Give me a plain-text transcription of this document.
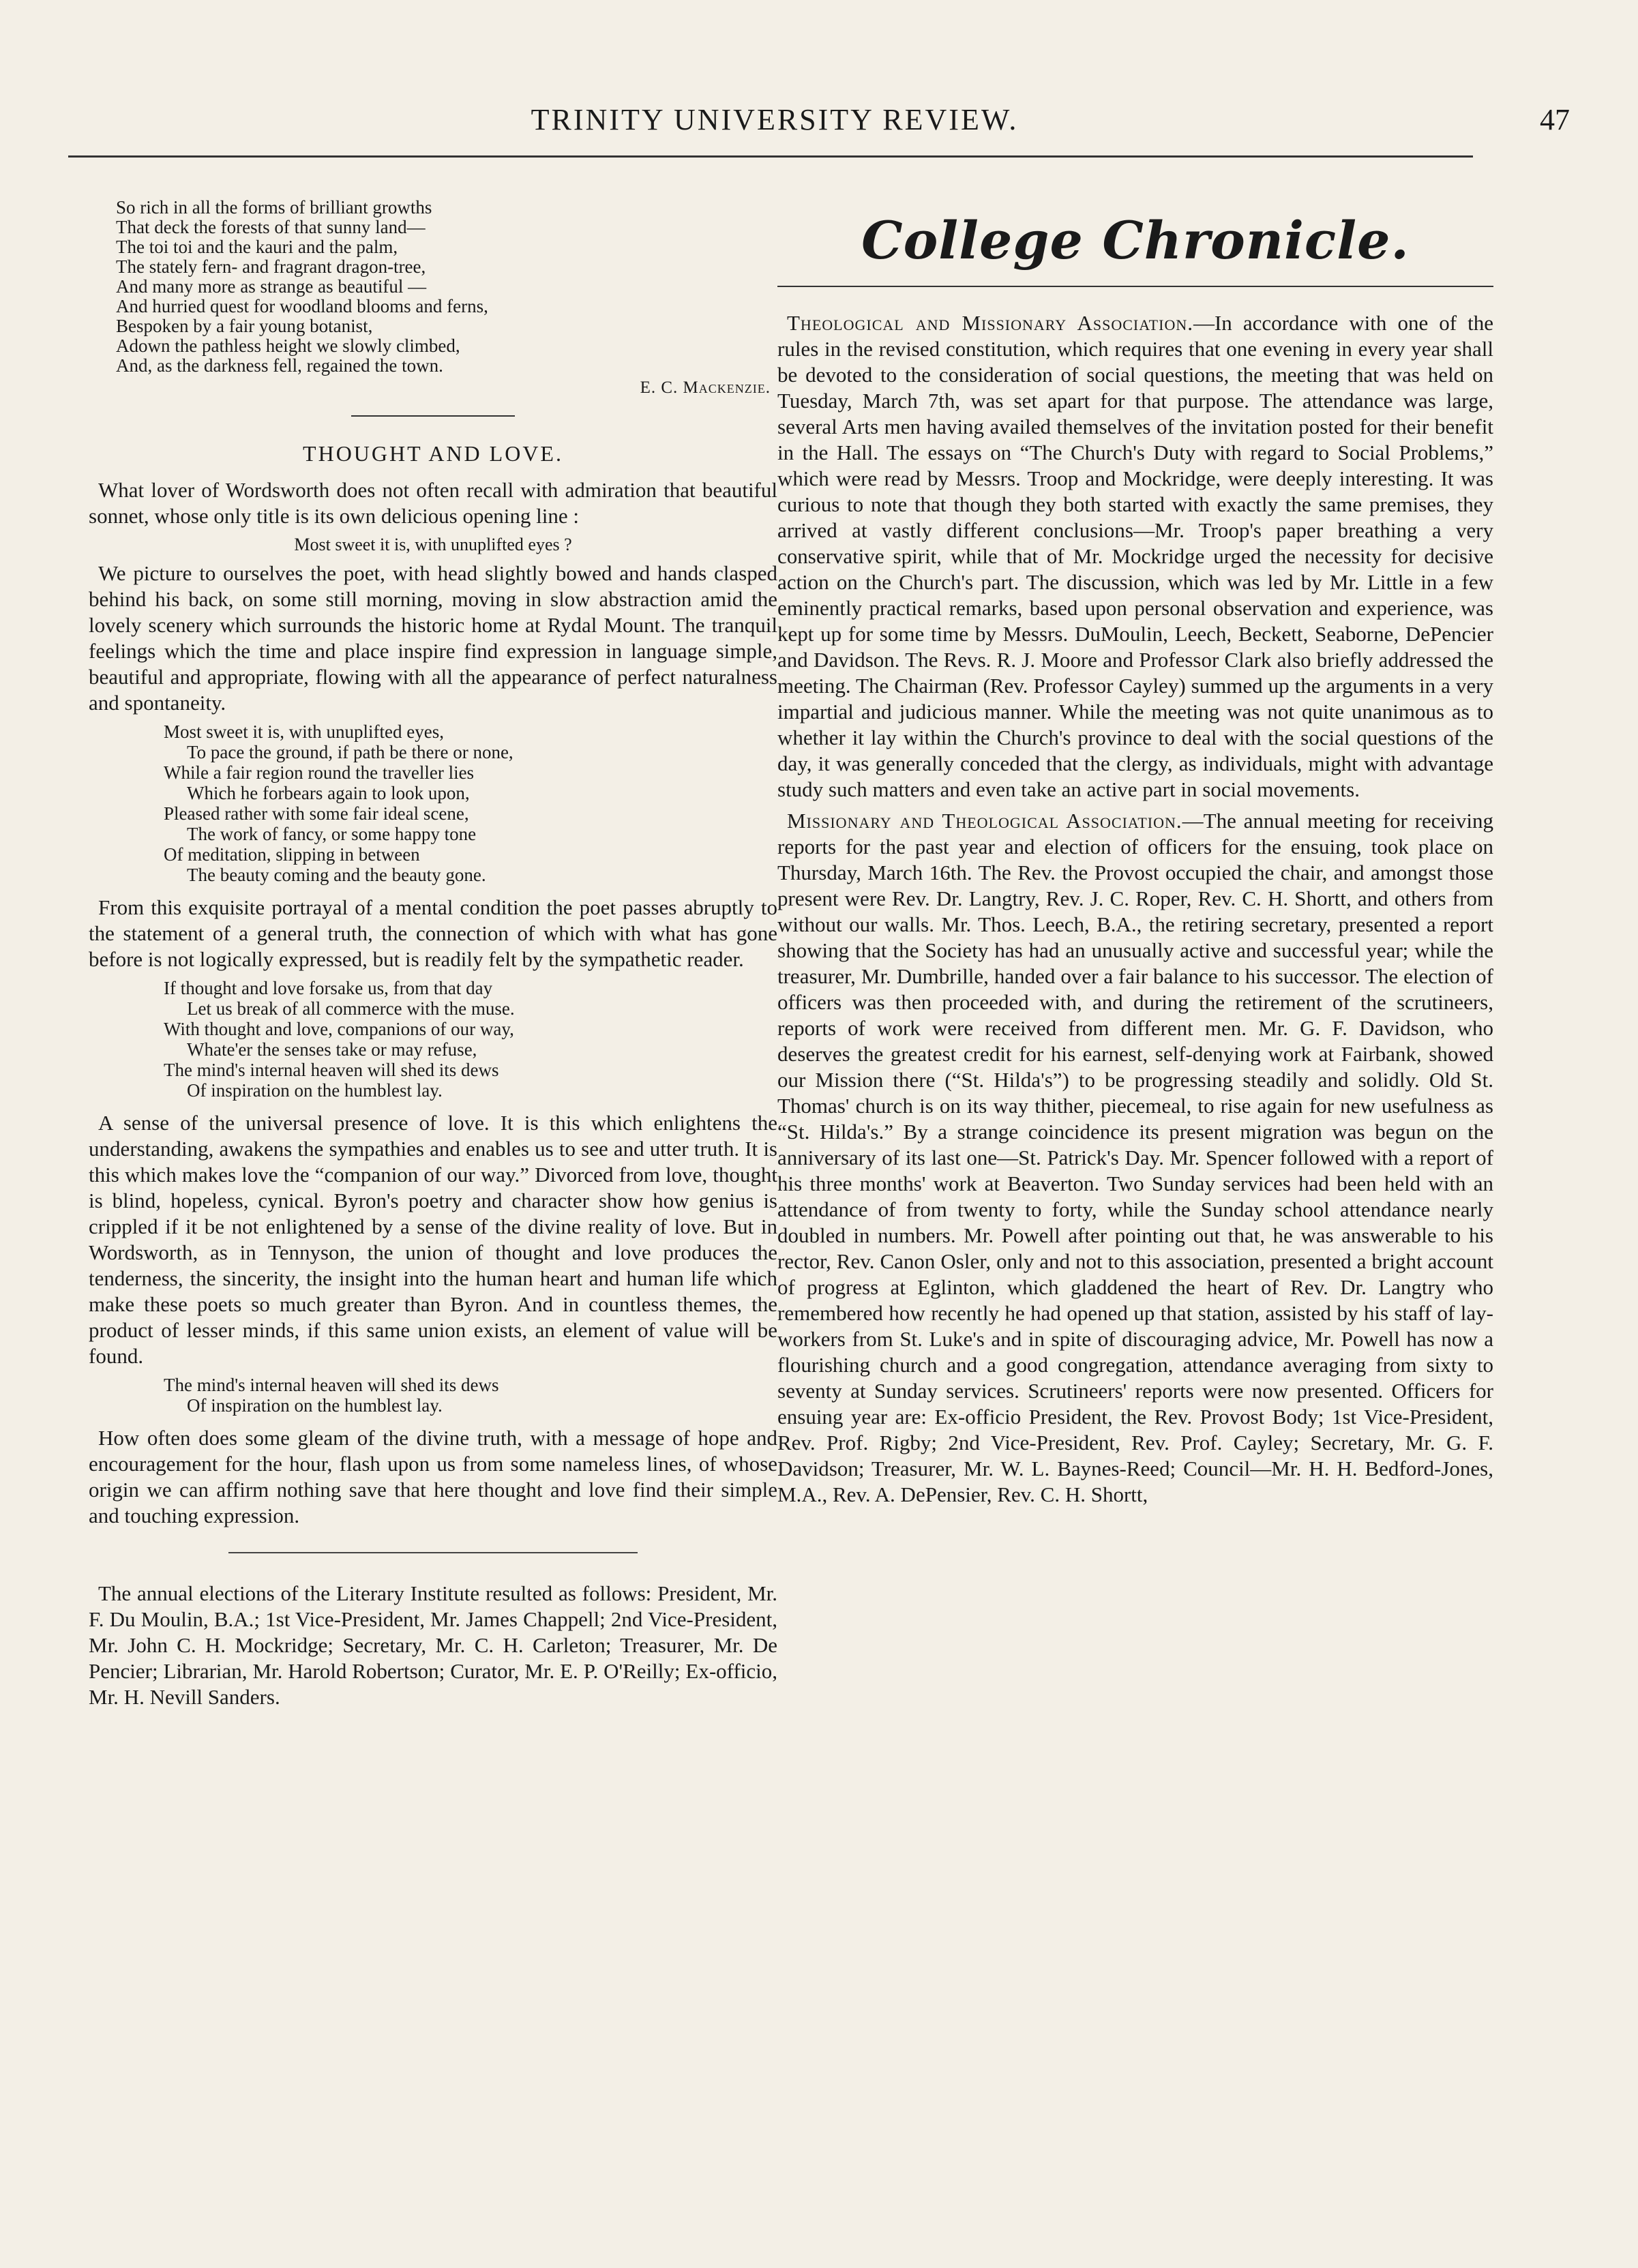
TRINITY UNIVERSITY REVIEW.	47
So rich in all the forms of brilliant growths
That deck the forests of that sunny land—
The toi toi and the kauri and the palm,
The stately fern- and fragrant dragon-tree,
And many more as strange as beautiful —
And hurried quest for woodland blooms and ferns,
Bespoken by a fair young botanist,
Adown the pathless height we slowly climbed,
And, as the darkness fell, regained the town.
E. C. Mackenzie.
THOUGHT AND LOVE.

What lover of Wordsworth does not often recall with admiration that beautiful sonnet, whose only title is its own delicious opening line :

Most sweet it is, with unuplifted eyes ?

We picture to ourselves the poet, with head slightly bowed and hands clasped behind his back, on some still morning, moving in slow abstraction amid the lovely scenery which surrounds the historic home at Rydal Mount. The tranquil feelings which the time and place inspire find expression in language simple, beautiful and appropriate, flowing with all the appearance of perfect naturalness and spontaneity.

Most sweet it is, with unuplifted eyes,
To pace the ground, if path be there or none,
While a fair region round the traveller lies
Which he forbears again to look upon,
Pleased rather with some fair ideal scene,
The work of fancy, or some happy tone
Of meditation, slipping in between
The beauty coming and the beauty gone.

From this exquisite portrayal of a mental condition the poet passes abruptly to the statement of a general truth, the connection of which with what has gone before is not logically expressed, but is readily felt by the sympathetic reader.

If thought and love forsake us, from that day
Let us break of all commerce with the muse.
With thought and love, companions of our way,
Whate'er the senses take or may refuse,
The mind's internal heaven will shed its dews
Of inspiration on the humblest lay.

A sense of the universal presence of love. It is this which enlightens the understanding, awakens the sympathies and enables us to see and utter truth. It is this which makes love the “companion of our way.” Divorced from love, thought is blind, hopeless, cynical. Byron's poetry and character show how genius is crippled if it be not enlightened by a sense of the divine reality of love. But in Wordsworth, as in Tennyson, the union of thought and love produces the tenderness, the sincerity, the insight into the human heart and human life which make these poets so much greater than Byron. And in countless themes, the product of lesser minds, if this same union exists, an element of value will be found.

The mind's internal heaven will shed its dews
Of inspiration on the humblest lay.

How often does some gleam of the divine truth, with a message of hope and encouragement for the hour, flash upon us from some nameless lines, of whose origin we can affirm nothing save that here thought and love find their simple and touching expression.

The annual elections of the Literary Institute resulted as follows: President, Mr. F. Du Moulin, B.A.; 1st Vice-President, Mr. James Chappell; 2nd Vice-President, Mr. John C. H. Mockridge; Secretary, Mr. C. H. Carleton; Treasurer, Mr. De Pencier; Librarian, Mr. Harold Robertson; Curator, Mr. E. P. O'Reilly; Ex-officio, Mr. H. Nevill Sanders.

College Chronicle.

Theological and Missionary Association.—In accordance with one of the rules in the revised constitution, which requires that one evening in every year shall be devoted to the consideration of social questions, the meeting that was held on Tuesday, March 7th, was set apart for that purpose. The attendance was large, several Arts men having availed themselves of the invitation posted for their benefit in the Hall. The essays on “The Church's Duty with regard to Social Problems,” which were read by Messrs. Troop and Mockridge, were deeply interesting. It was curious to note that though they both started with exactly the same premises, they arrived at vastly different conclusions—Mr. Troop's paper breathing a very conservative spirit, while that of Mr. Mockridge urged the necessity for decisive action on the Church's part. The discussion, which was led by Mr. Little in a few eminently practical remarks, based upon personal observation and experience, was kept up for some time by Messrs. DuMoulin, Leech, Beckett, Seaborne, DePencier and Davidson. The Revs. R. J. Moore and Professor Clark also briefly addressed the meeting. The Chairman (Rev. Professor Cayley) summed up the arguments in a very impartial and judicious manner. While the meeting was not quite unanimous as to whether it lay within the Church's province to deal with the social questions of the day, it was generally conceded that the clergy, as individuals, might with advantage study such matters and even take an active part in social movements.

Missionary and Theological Association.—The annual meeting for receiving reports for the past year and election of officers for the ensuing, took place on Thursday, March 16th. The Rev. the Provost occupied the chair, and amongst those present were Rev. Dr. Langtry, Rev. J. C. Roper, Rev. C. H. Shortt, and others from without our walls. Mr. Thos. Leech, B.A., the retiring secretary, presented a report showing that the Society has had an unusually active and successful year; while the treasurer, Mr. Dumbrille, handed over a fair balance to his successor. The election of officers was then proceeded with, and during the retirement of the scrutineers, reports of work were received from different men. Mr. G. F. Davidson, who deserves the greatest credit for his earnest, self-denying work at Fairbank, showed our Mission there (“St. Hilda's”) to be progressing steadily and solidly. Old St. Thomas' church is on its way thither, piecemeal, to rise again for new usefulness as “St. Hilda's.” By a strange coincidence its present migration was begun on the anniversary of its last one—St. Patrick's Day. Mr. Spencer followed with a report of his three months' work at Beaverton. Two Sunday services had been held with an attendance of from twenty to forty, while the Sunday school attendance nearly doubled in numbers. Mr. Powell after pointing out that, he was answerable to his rector, Rev. Canon Osler, only and not to this association, presented a bright account of progress at Eglinton, which gladdened the heart of Rev. Dr. Langtry who remembered how recently he had opened up that station, assisted by his staff of lay-workers from St. Luke's and in spite of discouraging advice, Mr. Powell has now a flourishing church and a good congregation, attendance averaging from sixty to seventy at Sunday services. Scrutineers' reports were now presented. Officers for ensuing year are: Ex-officio President, the Rev. Provost Body; 1st Vice-President, Rev. Prof. Rigby; 2nd Vice-President, Rev. Prof. Cayley; Secretary, Mr. G. F. Davidson; Treasurer, Mr. W. L. Baynes-Reed; Council—Mr. H. H. Bedford-Jones, M.A., Rev. A. DePensier, Rev. C. H. Shortt,
